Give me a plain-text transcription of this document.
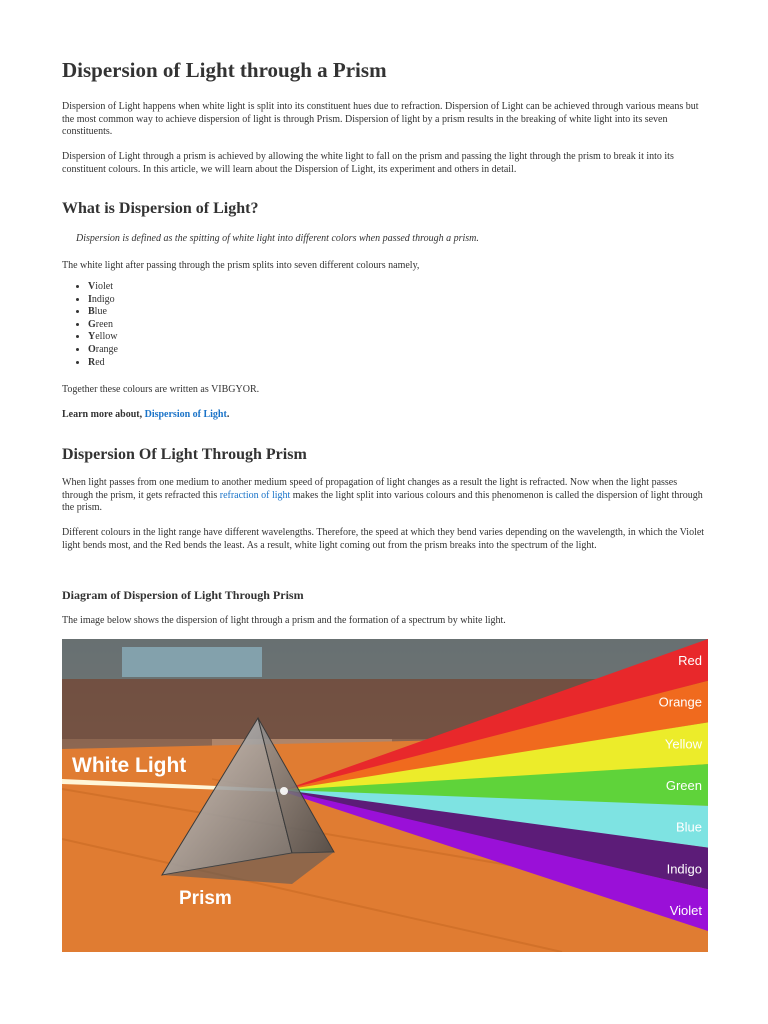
Dispersion of Light through a Prism

Dispersion of Light happens when white light is split into its constituent hues due to refraction. Dispersion of Light can be achieved through various means but the most common way to achieve dispersion of light is through Prism. Dispersion of light by a prism results in the breaking of white light into its seven constituents.

Dispersion of Light through a prism is achieved by allowing the white light to fall on the prism and passing the light through the prism to break it into its constituent colours. In this article, we will learn about the Dispersion of Light, its experiment and others in detail.

What is Dispersion of Light?
Dispersion is defined as the spitting of white light into different colors when passed through a prism.

The white light after passing through the prism splits into seven different colours namely,

• Violet
• Indigo
• Blue
• Green
• Yellow
• Orange
• Red

Together these colours are written as VIBGYOR.

Learn more about, Dispersion of Light.

Dispersion Of Light Through Prism

When light passes from one medium to another medium speed of propagation of light changes as a result the light is refracted. Now when the light passes through the prism, it gets refracted this refraction of light makes the light split into various colours and this phenomenon is called the dispersion of light through the prism.

Different colours in the light range have different wavelengths. Therefore, the speed at which they bend varies depending on the wavelength, in which the Violet light bends most, and the Red bends the least. As a result, white light coming out from the prism breaks into the spectrum of the light.

Diagram of Dispersion of Light Through Prism

The image below shows the dispersion of light through a prism and the formation of a spectrum by white light.

White Light
Prism
Red
Orange
Yellow
Green
Blue
Indigo
Violet
